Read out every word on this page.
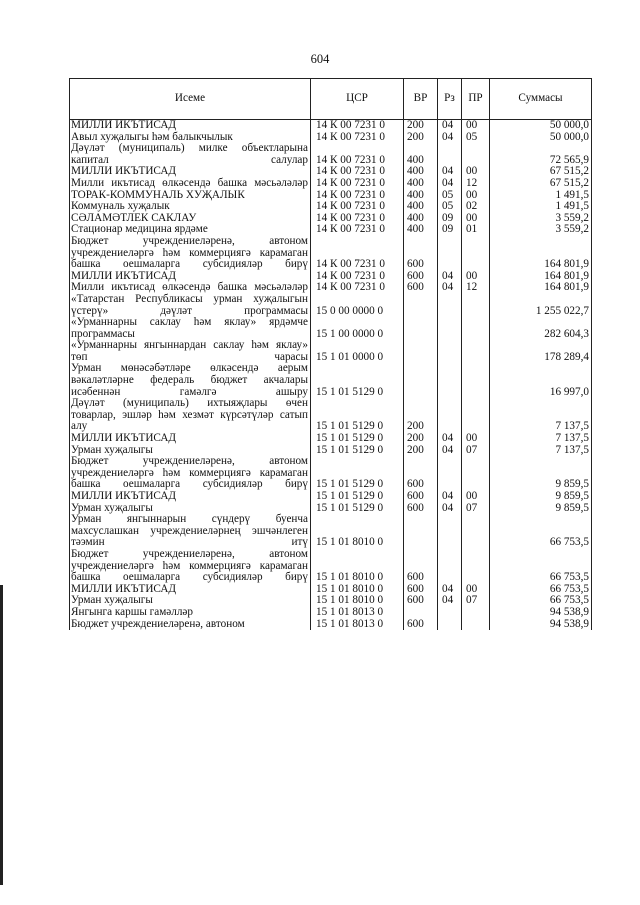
604
Исеме	ЦСР	ВР	Рз	ПР	Суммасы
МИЛЛИ ИКЪТИСАД	14 К 00 7231 0	200	04	00	50 000,0
Авыл хуҗалыгы һәм балыкчылык	14 К 00 7231 0	200	04	05	50 000,0
Дәүләт (муниципаль) милке объектларына капитал салулар	14 К 00 7231 0	400			72 565,9
МИЛЛИ ИКЪТИСАД	14 К 00 7231 0	400	04	00	67 515,2
Милли икътисад өлкәсендә башка мәсьәләләр	14 К 00 7231 0	400	04	12	67 515,2
ТОРАК-КОММУНАЛЬ ХУҖАЛЫК	14 К 00 7231 0	400	05	00	1 491,5
Коммуналь хуҗалык	14 К 00 7231 0	400	05	02	1 491,5
СӘЛАМӘТЛЕК САКЛАУ	14 К 00 7231 0	400	09	00	3 559,2
Стационар медицина ярдәме	14 К 00 7231 0	400	09	01	3 559,2
Бюджет учреждениеләренә, автоном учреждениеләргә һәм коммерциягә карамаган башка оешмаларга субсидияләр бирү	14 К 00 7231 0	600			164 801,9
МИЛЛИ ИКЪТИСАД	14 К 00 7231 0	600	04	00	164 801,9
Милли икътисад өлкәсендә башка мәсьәләләр	14 К 00 7231 0	600	04	12	164 801,9
«Татарстан Республикасы урман хуҗалыгын үстерү» дәүләт программасы	15 0 00 0000 0				1 255 022,7
«Урманнарны саклау һәм яклау» ярдәмче программасы	15 1 00 0000 0				282 604,3
«Урманнарны янгыннардан саклау һәм яклау» төп чарасы	15 1 01 0000 0				178 289,4
Урман мөнәсәбәтләре өлкәсендә аерым вәкаләтләрне федераль бюджет акчалары исәбеннән гамәлгә ашыру	15 1 01 5129 0				16 997,0
Дәүләт (муниципаль) ихтыяҗлары өчен товарлар, эшләр һәм хезмәт күрсәтүләр сатып алу	15 1 01 5129 0	200			7 137,5
МИЛЛИ ИКЪТИСАД	15 1 01 5129 0	200	04	00	7 137,5
Урман хуҗалыгы	15 1 01 5129 0	200	04	07	7 137,5
Бюджет учреждениеләренә, автоном учреждениеләргә һәм коммерциягә карамаган башка оешмаларга субсидияләр бирү	15 1 01 5129 0	600			9 859,5
МИЛЛИ ИКЪТИСАД	15 1 01 5129 0	600	04	00	9 859,5
Урман хуҗалыгы	15 1 01 5129 0	600	04	07	9 859,5
Урман янгыннарын сүндерү буенча махсуслашкан учреждениеләрнең эшчәнлеген тәэмин итү	15 1 01 8010 0				66 753,5
Бюджет учреждениеләренә, автоном учреждениеләргә һәм коммерциягә карамаган башка оешмаларга субсидияләр бирү	15 1 01 8010 0	600			66 753,5
МИЛЛИ ИКЪТИСАД	15 1 01 8010 0	600	04	00	66 753,5
Урман хуҗалыгы	15 1 01 8010 0	600	04	07	66 753,5
Янгынга каршы гамәлләр	15 1 01 8013 0				94 538,9
Бюджет учреждениеләренә, автоном	15 1 01 8013 0	600			94 538,9
